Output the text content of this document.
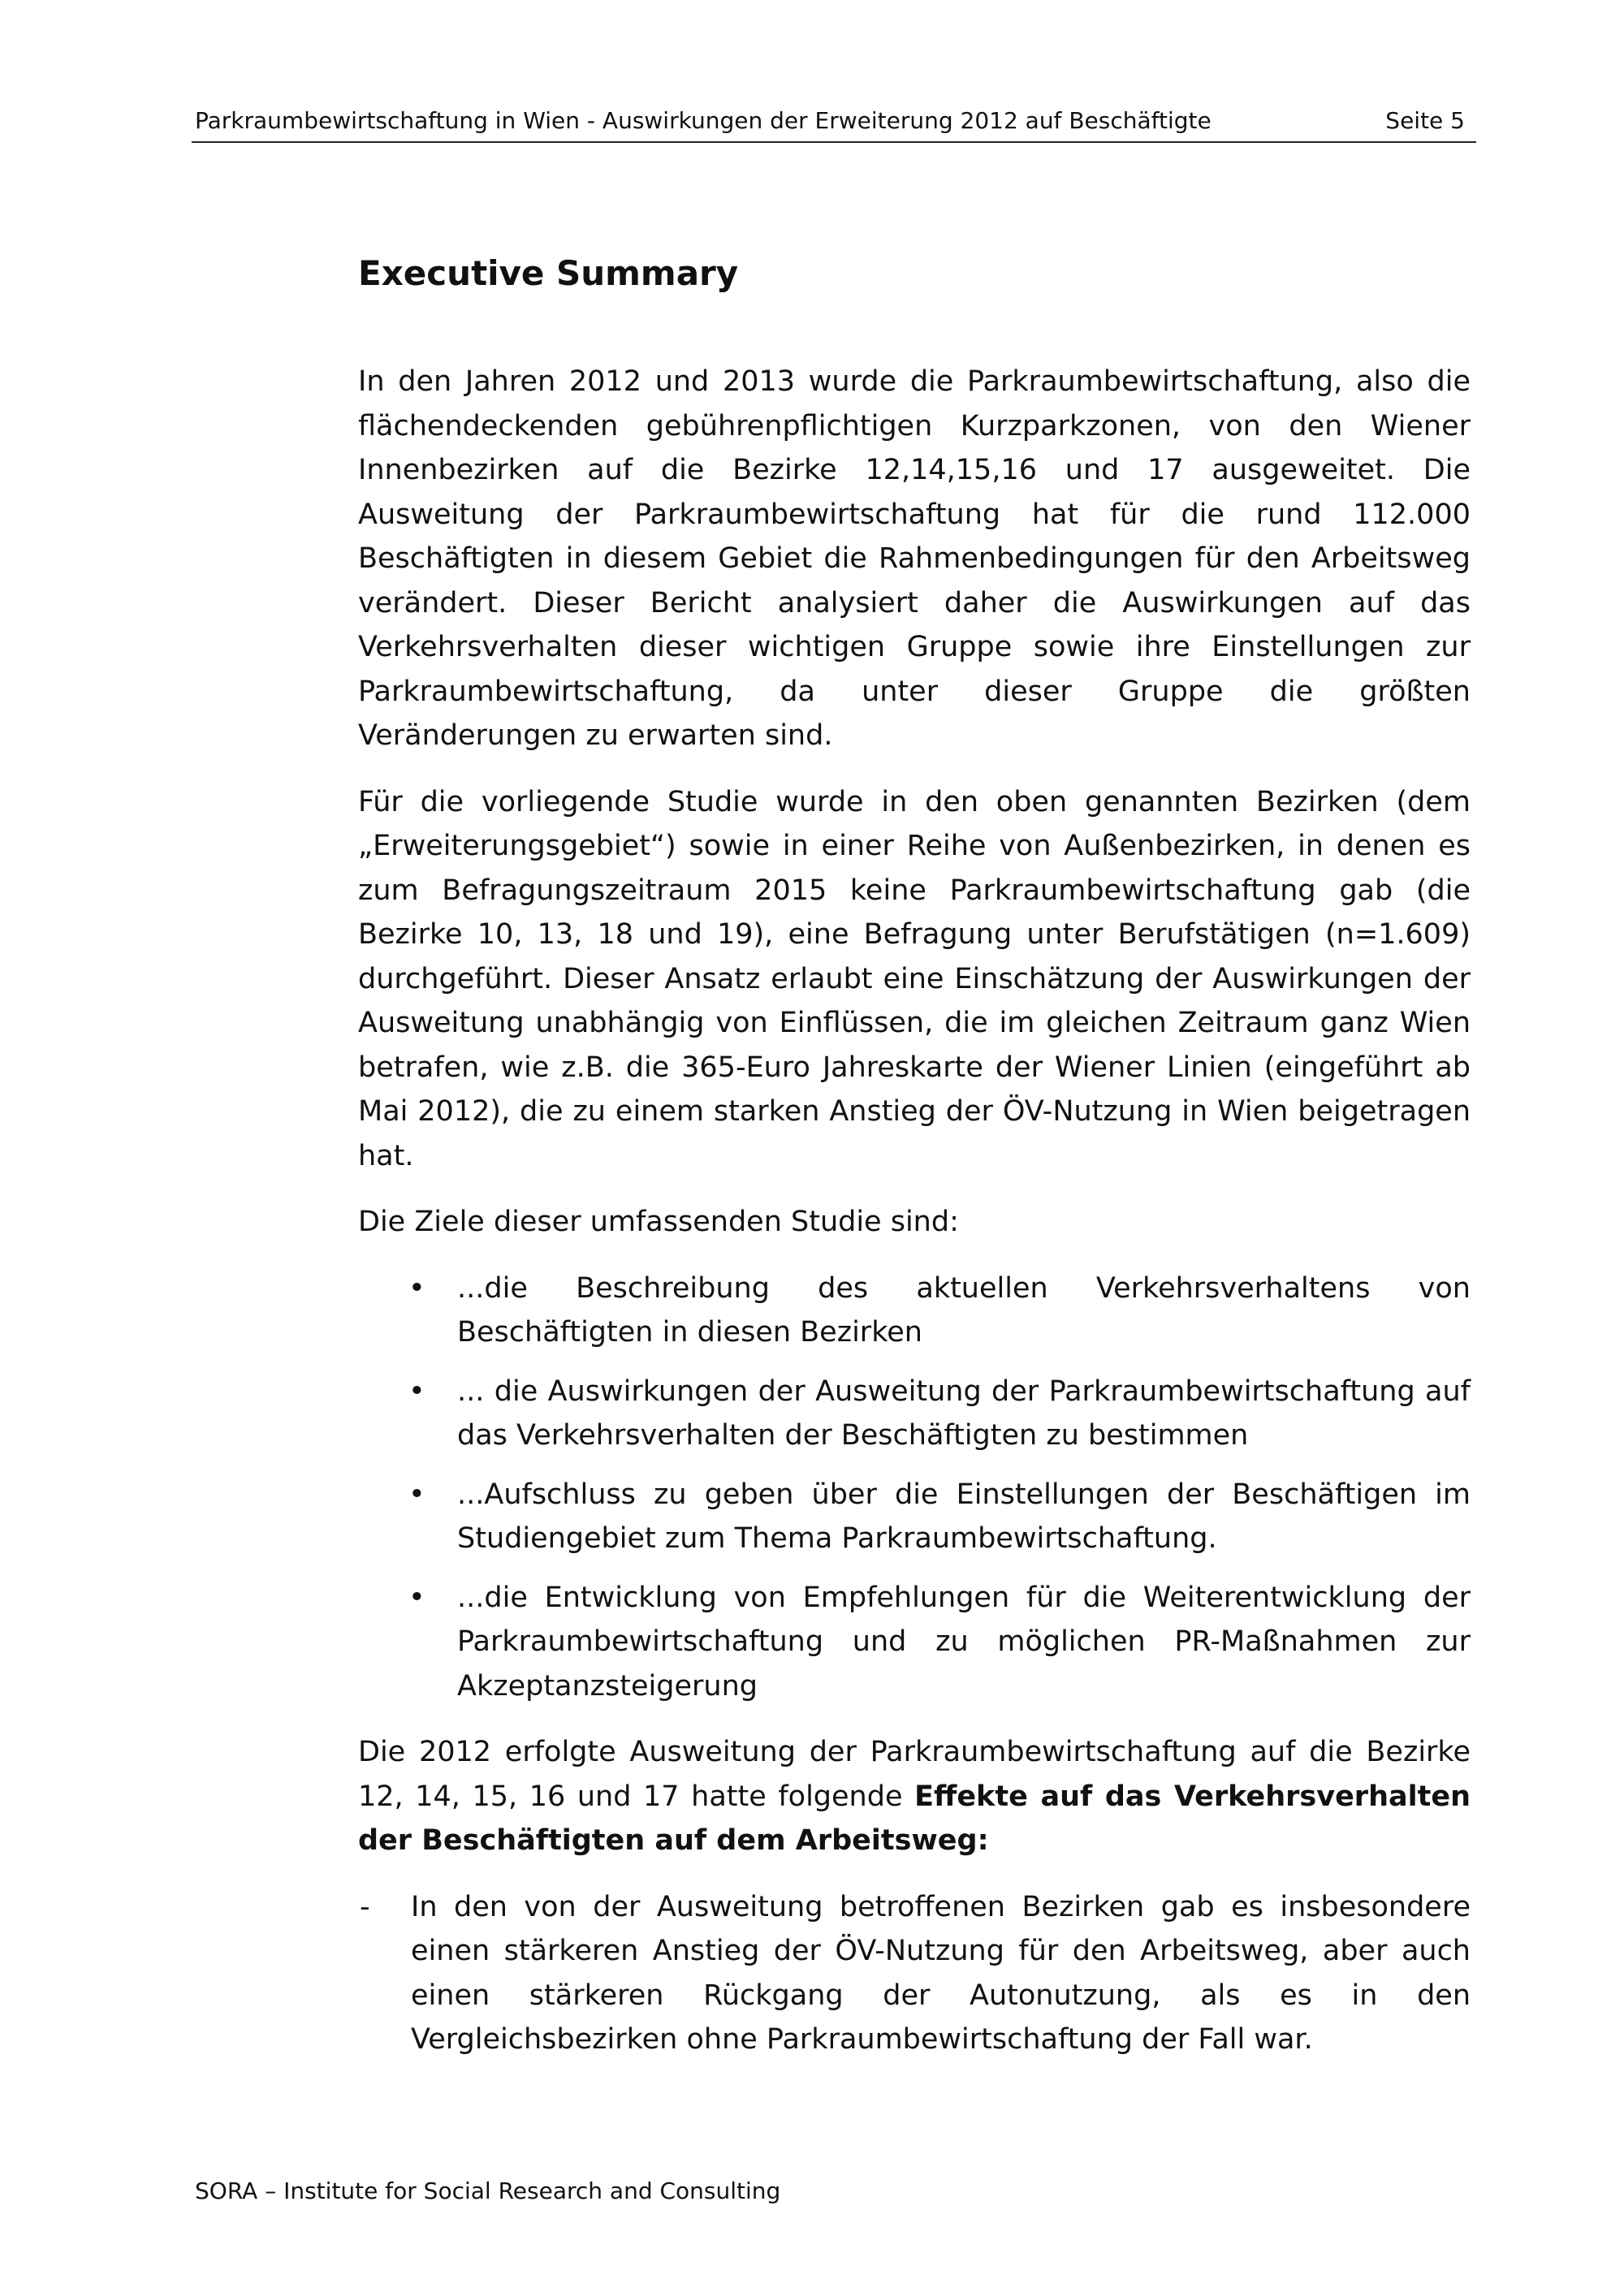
Parkraumbewirtschaftung in Wien - Auswirkungen der Erweiterung 2012 auf Beschäftigte	Seite 5
Executive Summary

In den Jahren 2012 und 2013 wurde die Parkraumbewirtschaftung, also die flächendeckenden gebührenpflichtigen Kurzparkzonen, von den Wiener Innenbezirken auf die Bezirke 12,14,15,16 und 17 ausgeweitet. Die Ausweitung der Parkraumbewirtschaftung hat für die rund 112.000 Beschäftigten in diesem Gebiet die Rahmenbedingungen für den Arbeitsweg verändert. Dieser Bericht analysiert daher die Auswirkungen auf das Verkehrsverhalten dieser wichtigen Gruppe sowie ihre Einstellungen zur Parkraumbewirtschaftung, da unter dieser Gruppe die größten Veränderungen zu erwarten sind.

Für die vorliegende Studie wurde in den oben genannten Bezirken (dem „Erweiterungsgebiet“) sowie in einer Reihe von Außenbezirken, in denen es zum Befragungszeitraum 2015 keine Parkraumbewirtschaftung gab (die Bezirke 10, 13, 18 und 19), eine Befragung unter Berufstätigen (n=1.609) durchgeführt. Dieser Ansatz erlaubt eine Einschätzung der Auswirkungen der Ausweitung unabhängig von Einflüssen, die im gleichen Zeitraum ganz Wien betrafen, wie z.B. die 365-Euro Jahreskarte der Wiener Linien (eingeführt ab Mai 2012), die zu einem starken Anstieg der ÖV-Nutzung in Wien beigetragen hat.

Die Ziele dieser umfassenden Studie sind:

• ...die Beschreibung des aktuellen Verkehrsverhaltens von Beschäftigten in diesen Bezirken
• ... die Auswirkungen der Ausweitung der Parkraumbewirtschaftung auf das Verkehrsverhalten der Beschäftigten zu bestimmen
• ...Aufschluss zu geben über die Einstellungen der Beschäftigen im Studiengebiet zum Thema Parkraumbewirtschaftung.
• ...die Entwicklung von Empfehlungen für die Weiterentwicklung der Parkraumbewirtschaftung und zu möglichen PR-Maßnahmen zur Akzeptanzsteigerung

Die 2012 erfolgte Ausweitung der Parkraumbewirtschaftung auf die Bezirke 12, 14, 15, 16 und 17 hatte folgende Effekte auf das Verkehrsverhalten der Beschäftigten auf dem Arbeitsweg:

- In den von der Ausweitung betroffenen Bezirken gab es insbesondere einen stärkeren Anstieg der ÖV-Nutzung für den Arbeitsweg, aber auch einen stärkeren Rückgang der Autonutzung, als es in den Vergleichsbezirken ohne Parkraumbewirtschaftung der Fall war.
SORA – Institute for Social Research and Consulting
